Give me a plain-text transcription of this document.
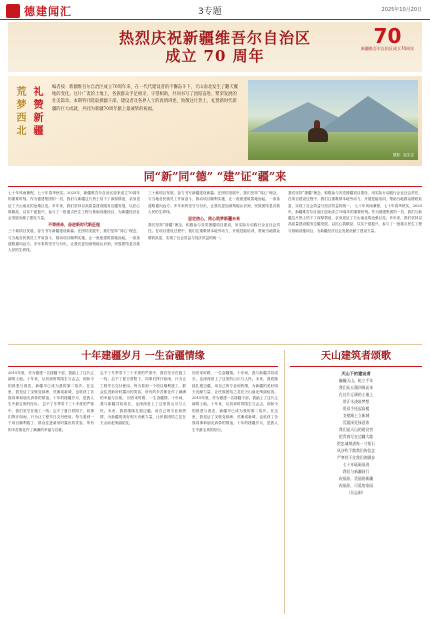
德建闻汇	3专题	2025年10月20日
热烈庆祝新疆维吾尔自治区
成立 70 周年
70
新疆维吾尔自治区成立70周年
荒
梦
西
北
礼
赞
新
疆
编者按：新疆维吾尔自治区成立70周年来，在一代代建设者的不懈奋斗下，天山南北发生了翻天覆地的变化。这片广袤的土地上，各族群众手足相亲、守望相助，共同书写了团结奋进、繁荣发展的壮美篇章。本期特刊选取援疆干部、建设者及各界人士的真情讲述，致敬这片热土，礼赞新时代新疆的巨大成就，共同为新疆70周年献上最诚挚的祝福。
摄影：赵宏志
同“新”同“德” “建”证“疆”来
七十年风雨兼程，七十年春华秋实。2025年，新疆维吾尔自治区迎来成立70周年的重要时刻。作为德建集团的一员，我们与新疆这片热土结下了深厚情谊，亲身见证了天山南北的沧桑巨变。多年来，我们坚持以高质量建设服务边疆发展，以匠心筑精品、以实干促振兴，参与了一批重点民生工程与基础设施项目，为新疆经济社会发展贡献了建设力量。
不辱使命，奋进新时代新征程
三十载项目发展，奋力书写新疆建设新篇。在团结发展中，我们坚持“同心”理念，与当地各民族员工并肩奋斗，推动项目顺利实施，让一座座建筑拔地而起，一条条道路通向远方。多年来的坚守与付出，让我们更加深刻地认识到，民族团结是各族人民的生命线。
三十载项目发展，奋力书写新疆建设新篇。在团结发展中，我们坚持“同心”理念，与当地各民族员工并肩奋斗，推动项目顺利实施，让一座座建筑拔地而起，一条条道路通向远方。多年来的坚守与付出，让我们更加深刻地认识到，民族团结是各族人民的生命线。
坚定信心，同心筑梦新疆未来
我们坚持“援疆”理念，积极参与各类援疆项目建设，用实际行动践行企业社会责任。在项目建设过程中，我们注重吸纳本地劳动力，开展技能培训，帮助当地群众增收致富，实现了社会效益与经济效益的统一。
我们坚持“援疆”理念，积极参与各类援疆项目建设，用实际行动践行企业社会责任。在项目建设过程中，我们注重吸纳本地劳动力，开展技能培训，帮助当地群众增收致富，实现了社会效益与经济效益的统一。 七十年风雨兼程，七十年春华秋实。2025年，新疆维吾尔自治区迎来成立70周年的重要时刻。作为德建集团的一员，我们与新疆这片热土结下了深厚情谊，亲身见证了天山南北的沧桑巨变。多年来，我们坚持以高质量建设服务边疆发展，以匠心筑精品、以实干促振兴，参与了一批重点民生工程与基础设施项目，为新疆经济社会发展贡献了建设力量。
十年建疆岁月 一生奋疆情缘
2015年底，作为德建一名援疆干部，我踏上了这片辽阔的土地。十年来，从初到时的陌生与忐忑，到如今的熟悉与眷恋，新疆早已成为我的第二故乡。在这里，我见证了戈壁变绿洲、荒滩成新城，也收获了各族同事和朋友真挚的情谊。十年的援疆岁月，是我人生中最宝贵的经历。 忘不了冬季零下三十多度的严寒中，我们坚守在施工一线；忘不了夏日骄阳下，同事们挥汗如雨，只为让工程早日交付使用。每当看到一个项目顺利竣工、群众住进新房时露出的笑容，所有的辛苦都化作了满满的幸福与自豪。
忘不了冬季零下三十多度的严寒中，我们坚守在施工一线；忘不了夏日骄阳下，同事们挥汗如雨，只为让工程早日交付使用。每当看到一个项目顺利竣工、群众住进新房时露出的笑容，所有的辛苦都化作了满满的幸福与自豪。 回首来时路，一生奋疆情。十年间，我与新疆共同成长，也深深爱上了这里的山川与人民。未来，我将继续扎根边疆，用自己的专业和热情，为新疆的美好明天贡献力量，让民族团结之花在天山南北绚丽绽放。
回首来时路，一生奋疆情。十年间，我与新疆共同成长，也深深爱上了这里的山川与人民。未来，我将继续扎根边疆，用自己的专业和热情，为新疆的美好明天贡献力量，让民族团结之花在天山南北绚丽绽放。 2015年底，作为德建一名援疆干部，我踏上了这片辽阔的土地。十年来，从初到时的陌生与忐忑，到如今的熟悉与眷恋，新疆早已成为我的第二故乡。在这里，我见证了戈壁变绿洲、荒滩成新城，也收获了各族同事和朋友真挚的情谊。十年的援疆岁月，是我人生中最宝贵的经历。
天山建筑者颂歌
天山下的建设者
巍巍天山，屹立千年
我们从五湖四海而来
在这片辽阔的土地上
用汗水浇筑梦想
用双手托起高楼
戈壁滩上立新城
荒漠深处绿意浓
我们是天山的建设者
把青春写在边疆大地
把忠诚刻进每一寸基石
风沙吹不散我们的信念
严寒挡不住我们的脚步
七十年砥砺奋进
我们与新疆同行
祝福你，美丽的新疆
祝福你，可爱的家园
（吴志刚）
